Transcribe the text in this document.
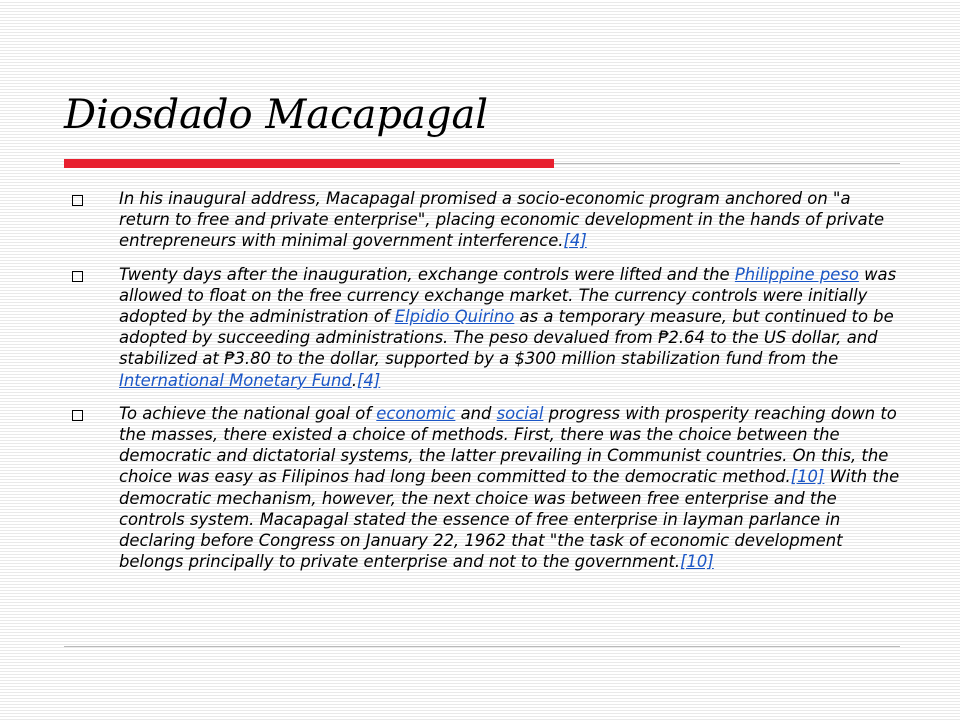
Diosdado Macapagal
In his inaugural address, Macapagal promised a socio-economic program anchored on "a return to free and private enterprise", placing economic development in the hands of private entrepreneurs with minimal government interference.[4]
Twenty days after the inauguration, exchange controls were lifted and the Philippine peso was allowed to float on the free currency exchange market. The currency controls were initially adopted by the administration of Elpidio Quirino as a temporary measure, but continued to be adopted by succeeding administrations. The peso devalued from ₱2.64 to the US dollar, and stabilized at ₱3.80 to the dollar, supported by a $300 million stabilization fund from the International Monetary Fund.[4]
To achieve the national goal of economic and social progress with prosperity reaching down to the masses, there existed a choice of methods. First, there was the choice between the democratic and dictatorial systems, the latter prevailing in Communist countries. On this, the choice was easy as Filipinos had long been committed to the democratic method.[10] With the democratic mechanism, however, the next choice was between free enterprise and the controls system. Macapagal stated the essence of free enterprise in layman parlance in declaring before Congress on January 22, 1962 that "the task of economic development belongs principally to private enterprise and not to the government.[10]
